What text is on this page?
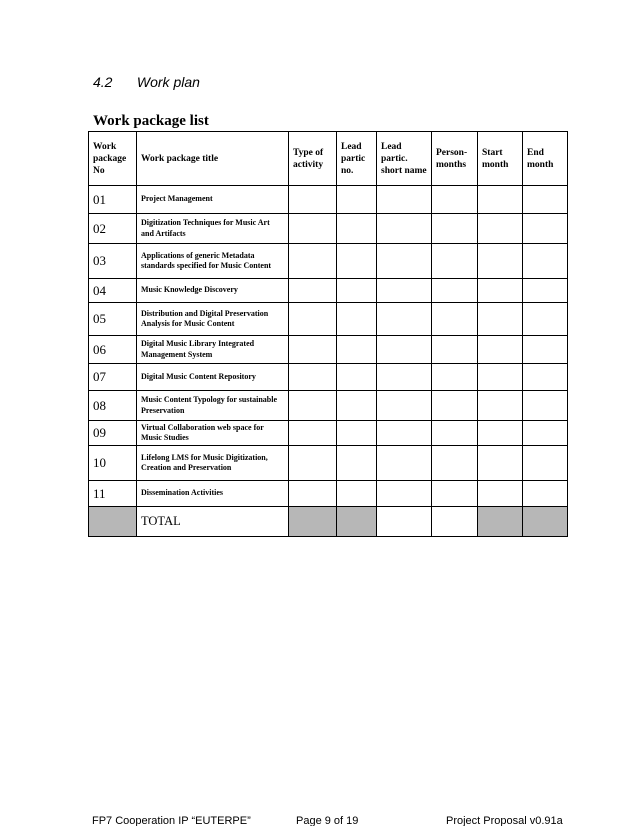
4.2 Work plan
Work package list
Work package No	Work package title	Type of activity	Lead partic no.	Lead partic. short name	Person-months	Start month	End month
01	Project Management						
02	Digitization Techniques for Music Art and Artifacts						
03	Applications of generic Metadata standards specified for Music Content						
04	Music Knowledge Discovery						
05	Distribution and Digital Preservation Analysis for Music Content						
06	Digital Music Library Integrated Management System						
07	Digital Music Content Repository						
08	Music Content Typology for sustainable Preservation						
09	Virtual Collaboration web space for Music Studies						
10	Lifelong LMS for Music Digitization, Creation and Preservation						
11	Dissemination Activities						
	TOTAL						
FP7 Cooperation IP “EUTERPE”	Page 9 of 19	Project Proposal v0.91a
